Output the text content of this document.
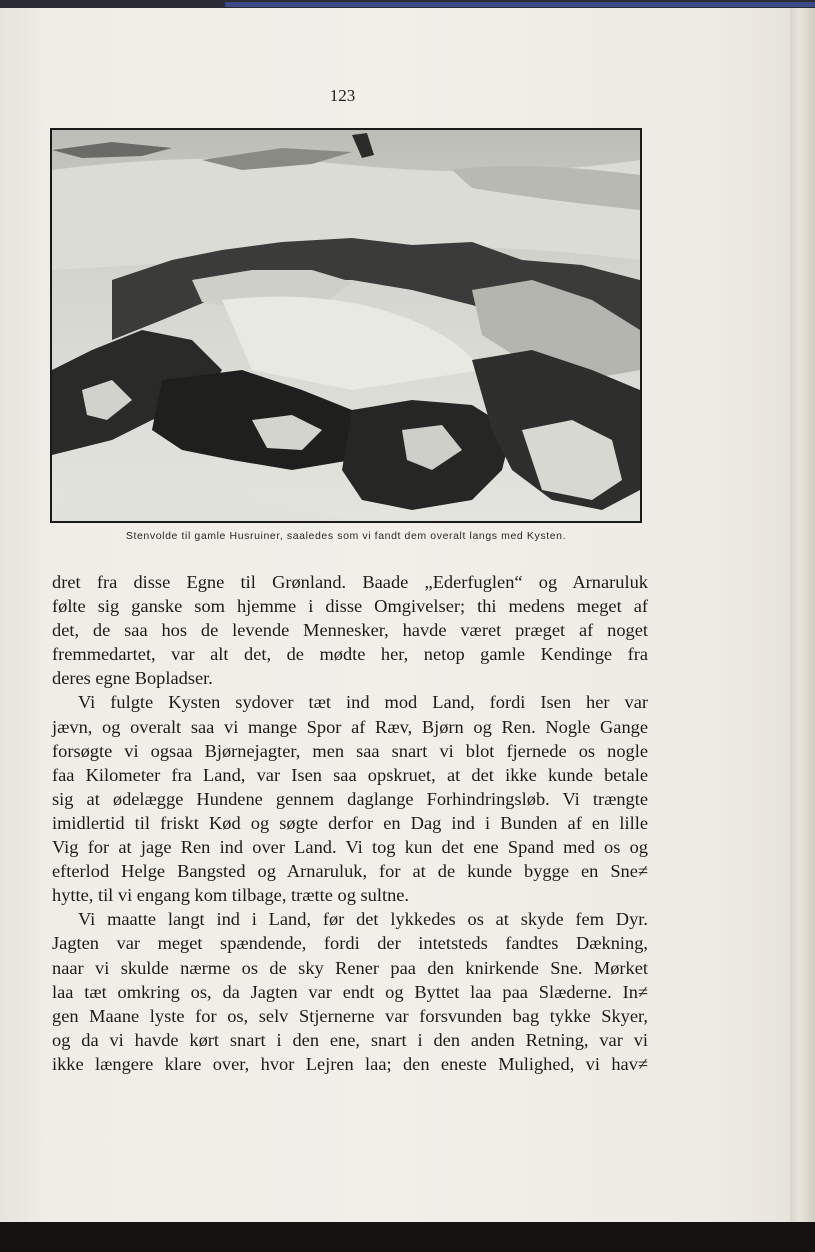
123
Stenvolde til gamle Husruiner, saaledes som vi fandt dem overalt langs med Kysten.
dret fra disse Egne til Grønland. Baade „Ederfuglen“ og Arnaruluk
følte sig ganske som hjemme i disse Omgivelser; thi medens meget af
det, de saa hos de levende Mennesker, havde været præget af noget
fremmedartet, var alt det, de mødte her, netop gamle Kendinge fra
deres egne Bopladser.
Vi fulgte Kysten sydover tæt ind mod Land, fordi Isen her var
jævn, og overalt saa vi mange Spor af Ræv, Bjørn og Ren. Nogle Gange
forsøgte vi ogsaa Bjørnejagter, men saa snart vi blot fjernede os nogle
faa Kilometer fra Land, var Isen saa opskruet, at det ikke kunde betale
sig at ødelægge Hundene gennem daglange Forhindringsløb. Vi trængte
imidlertid til friskt Kød og søgte derfor en Dag ind i Bunden af en lille
Vig for at jage Ren ind over Land. Vi tog kun det ene Spand med os og
efterlod Helge Bangsted og Arnaruluk, for at de kunde bygge en Sne≠
hytte, til vi engang kom tilbage, trætte og sultne.
Vi maatte langt ind i Land, før det lykkedes os at skyde fem Dyr.
Jagten var meget spændende, fordi der intetsteds fandtes Dækning,
naar vi skulde nærme os de sky Rener paa den knirkende Sne. Mørket
laa tæt omkring os, da Jagten var endt og Byttet laa paa Slæderne. In≠
gen Maane lyste for os, selv Stjernerne var forsvunden bag tykke Skyer,
og da vi havde kørt snart i den ene, snart i den anden Retning, var vi
ikke længere klare over, hvor Lejren laa; den eneste Mulighed, vi hav≠
